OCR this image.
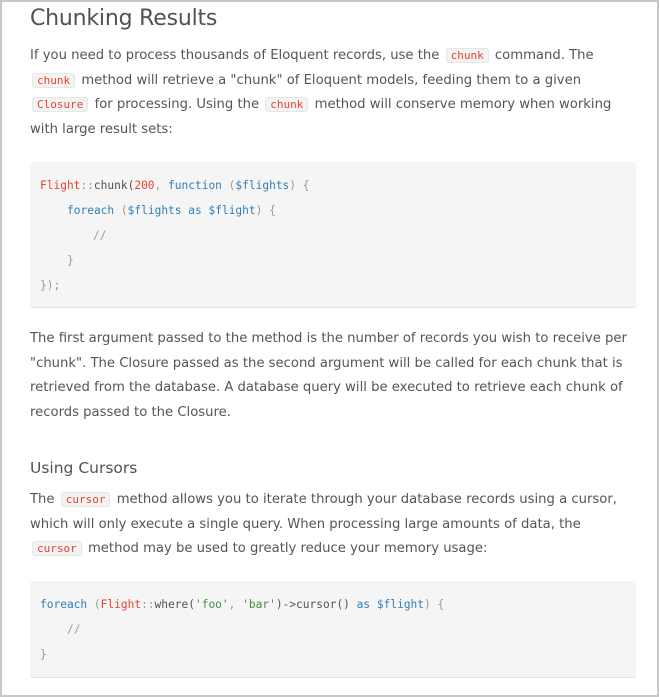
Chunking Results

If you need to process thousands of Eloquent records, use the chunk command. The chunk method will retrieve a "chunk" of Eloquent models, feeding them to a given Closure for processing. Using the chunk method will conserve memory when working with large result sets:

Flight::chunk(200, function ($flights) {
foreach ($flights as $flight) {
//
}
});

The first argument passed to the method is the number of records you wish to receive per "chunk". The Closure passed as the second argument will be called for each chunk that is retrieved from the database. A database query will be executed to retrieve each chunk of records passed to the Closure.

Using Cursors

The cursor method allows you to iterate through your database records using a cursor, which will only execute a single query. When processing large amounts of data, the cursor method may be used to greatly reduce your memory usage:

foreach (Flight::where('foo', 'bar')->cursor() as $flight) {
//
}
